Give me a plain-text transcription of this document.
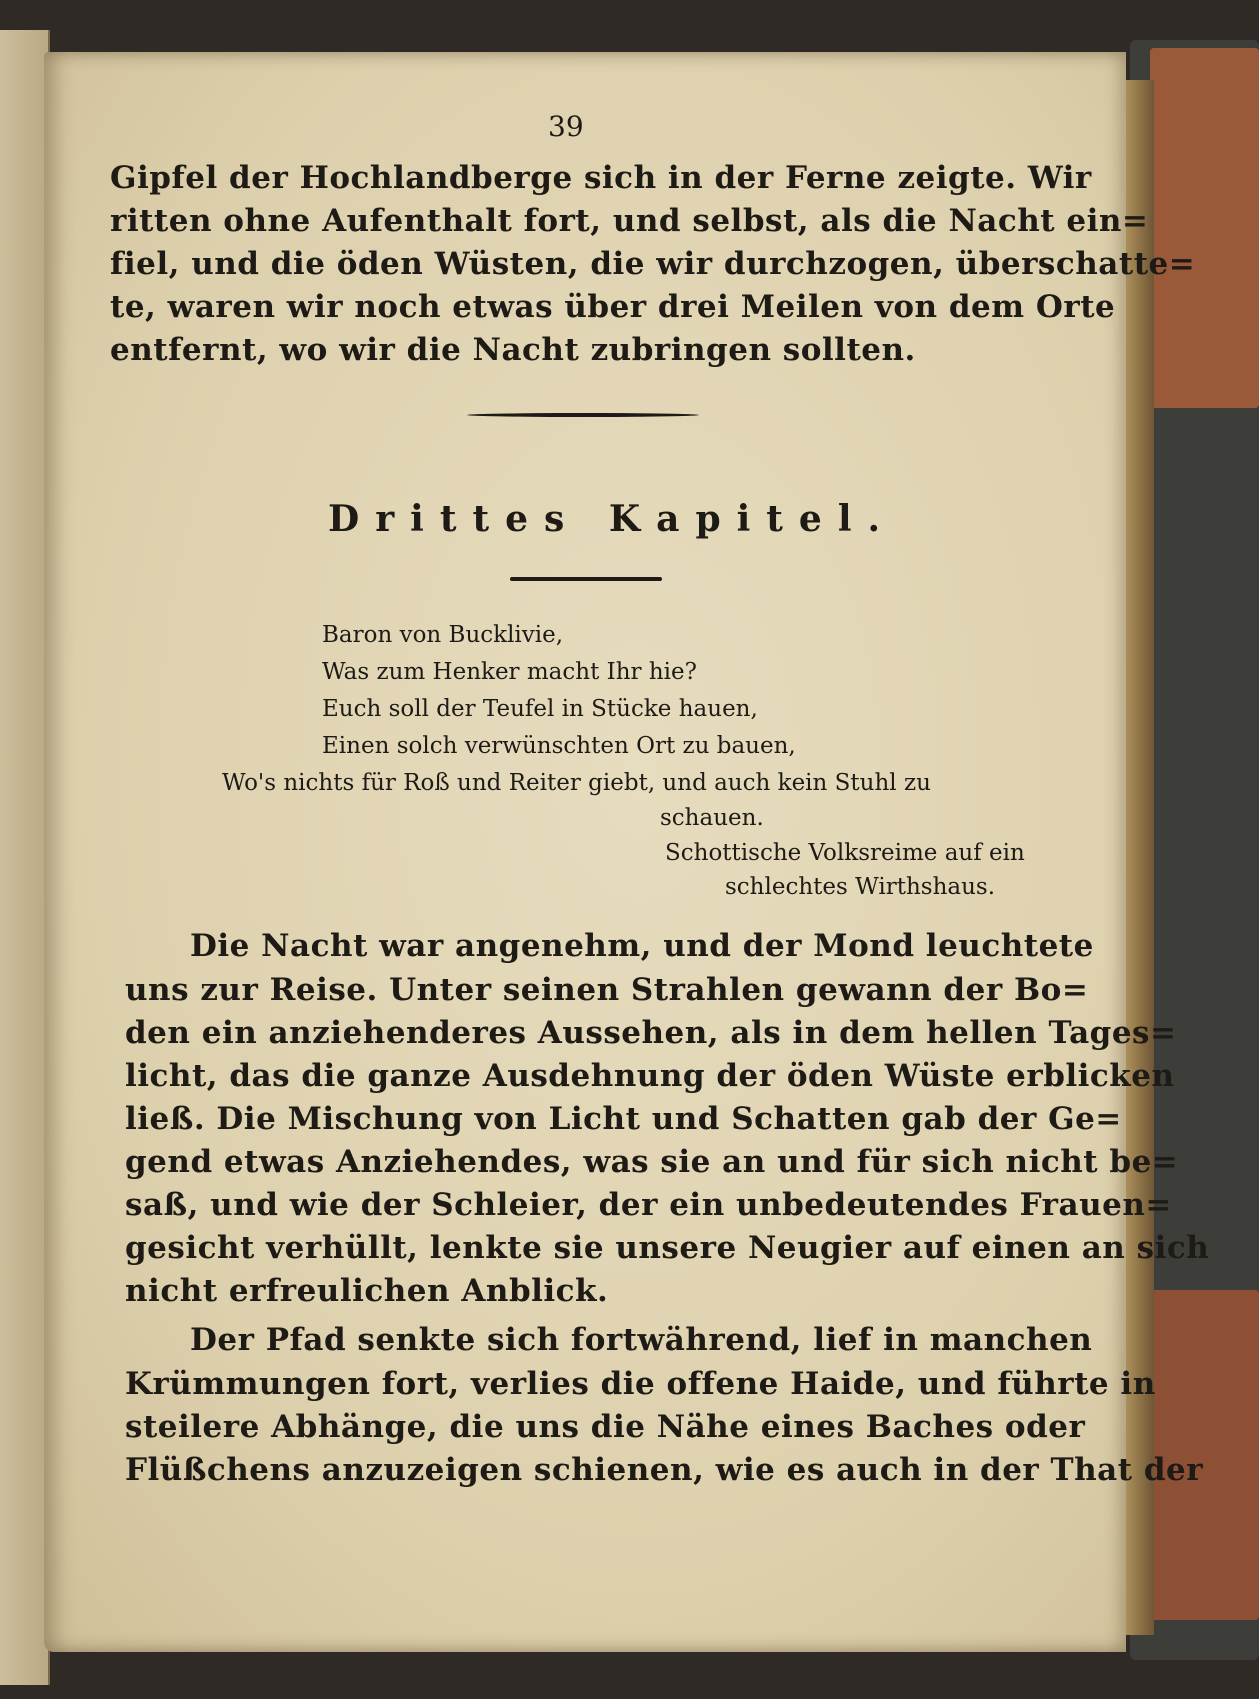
39

Gipfel der Hochlandberge sich in der Ferne zeigte. Wir

ritten ohne Aufenthalt fort, und selbst, als die Nacht ein=

fiel, und die öden Wüsten, die wir durchzogen, überschatte=

te, waren wir noch etwas über drei Meilen von dem Orte

entfernt, wo wir die Nacht zubringen sollten.

Drittes Kapitel.

Baron von Bucklivie,

Was zum Henker macht Ihr hie?

Euch soll der Teufel in Stücke hauen,

Einen solch verwünschten Ort zu bauen,

Wo's nichts für Roß und Reiter giebt, und auch kein Stuhl zu

schauen.

Schottische Volksreime auf ein

schlechtes Wirthshaus.

Die Nacht war angenehm, und der Mond leuchtete

uns zur Reise. Unter seinen Strahlen gewann der Bo=

den ein anziehenderes Aussehen, als in dem hellen Tages=

licht, das die ganze Ausdehnung der öden Wüste erblicken

ließ. Die Mischung von Licht und Schatten gab der Ge=

gend etwas Anziehendes, was sie an und für sich nicht be=

saß, und wie der Schleier, der ein unbedeutendes Frauen=

gesicht verhüllt, lenkte sie unsere Neugier auf einen an sich

nicht erfreulichen Anblick.

Der Pfad senkte sich fortwährend, lief in manchen

Krümmungen fort, verlies die offene Haide, und führte in

steilere Abhänge, die uns die Nähe eines Baches oder

Flüßchens anzuzeigen schienen, wie es auch in der That der
